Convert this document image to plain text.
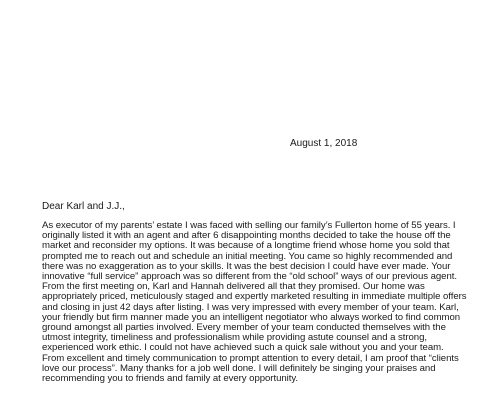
August 1, 2018
Dear Karl and J.J.,
As executor of my parents’ estate I was faced with selling our family’s Fullerton home of 55 years. I
originally listed it with an agent and after 6 disappointing months decided to take the house off the
market and reconsider my options. It was because of a longtime friend whose home you sold that
prompted me to reach out and schedule an initial meeting. You came so highly recommended and
there was no exaggeration as to your skills. It was the best decision I could have ever made. Your
innovative “full service” approach was so different from the “old school” ways of our previous agent.
From the first meeting on, Karl and Hannah delivered all that they promised. Our home was
appropriately priced, meticulously staged and expertly marketed resulting in immediate multiple offers
and closing in just 42 days after listing. I was very impressed with every member of your team. Karl,
your friendly but firm manner made you an intelligent negotiator who always worked to find common
ground amongst all parties involved. Every member of your team conducted themselves with the
utmost integrity, timeliness and professionalism while providing astute counsel and a strong,
experienced work ethic. I could not have achieved such a quick sale without you and your team.
From excellent and timely communication to prompt attention to every detail, I am proof that “clients
love our process”. Many thanks for a job well done. I will definitely be singing your praises and
recommending you to friends and family at every opportunity.
